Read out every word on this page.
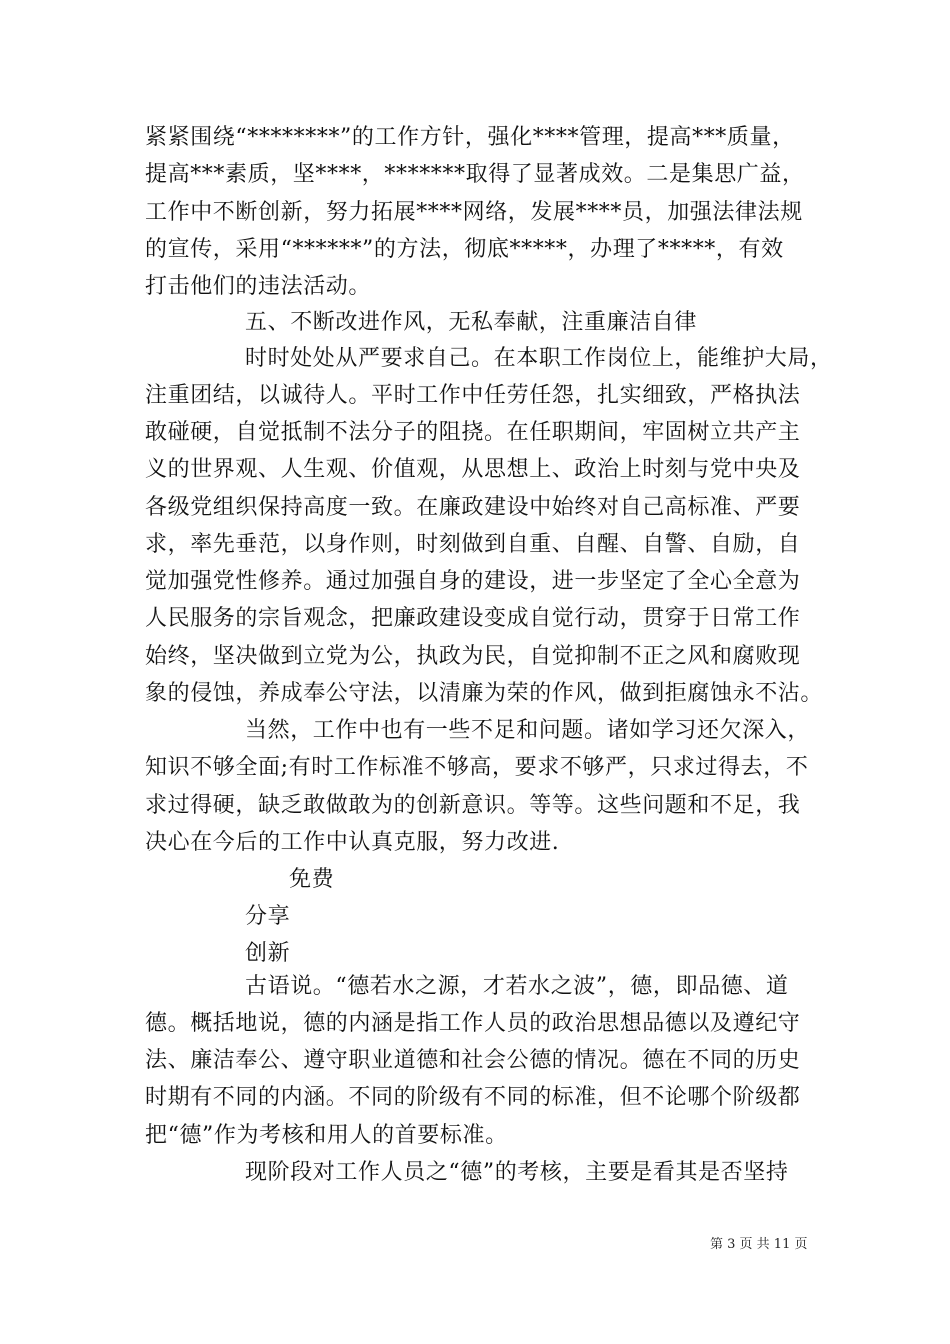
紧紧围绕“********”的工作方针，强化****管理，提高***质量，
提高***素质，坚****，*******取得了显著成效。二是集思广益，
工作中不断创新，努力拓展****网络，发展****员，加强法律法规
的宣传，采用“******”的方法，彻底*****，办理了*****，有效
打击他们的违法活动。
五、不断改进作风，无私奉献，注重廉洁自律
时时处处从严要求自己。在本职工作岗位上，能维护大局，
注重团结，以诚待人。平时工作中任劳任怨，扎实细致，严格执法
敢碰硬，自觉抵制不法分子的阻挠。在任职期间，牢固树立共产主
义的世界观、人生观、价值观，从思想上、政治上时刻与党中央及
各级党组织保持高度一致。在廉政建设中始终对自己高标准、严要
求，率先垂范，以身作则，时刻做到自重、自醒、自警、自励，自
觉加强党性修养。通过加强自身的建设，进一步坚定了全心全意为
人民服务的宗旨观念，把廉政建设变成自觉行动，贯穿于日常工作
始终，坚决做到立党为公，执政为民，自觉抑制不正之风和腐败现
象的侵蚀，养成奉公守法，以清廉为荣的作风，做到拒腐蚀永不沾。
当然，工作中也有一些不足和问题。诸如学习还欠深入，
知识不够全面;有时工作标准不够高，要求不够严，只求过得去，不
求过得硬，缺乏敢做敢为的创新意识。等等。这些问题和不足，我
决心在今后的工作中认真克服，努力改进.
免费
分享
创新
古语说。“德若水之源，才若水之波”，德，即品德、道
德。概括地说，德的内涵是指工作人员的政治思想品德以及遵纪守
法、廉洁奉公、遵守职业道德和社会公德的情况。德在不同的历史
时期有不同的内涵。不同的阶级有不同的标准，但不论哪个阶级都
把“德”作为考核和用人的首要标准。
现阶段对工作人员之“德”的考核，主要是看其是否坚持
第 3 页 共 11 页
